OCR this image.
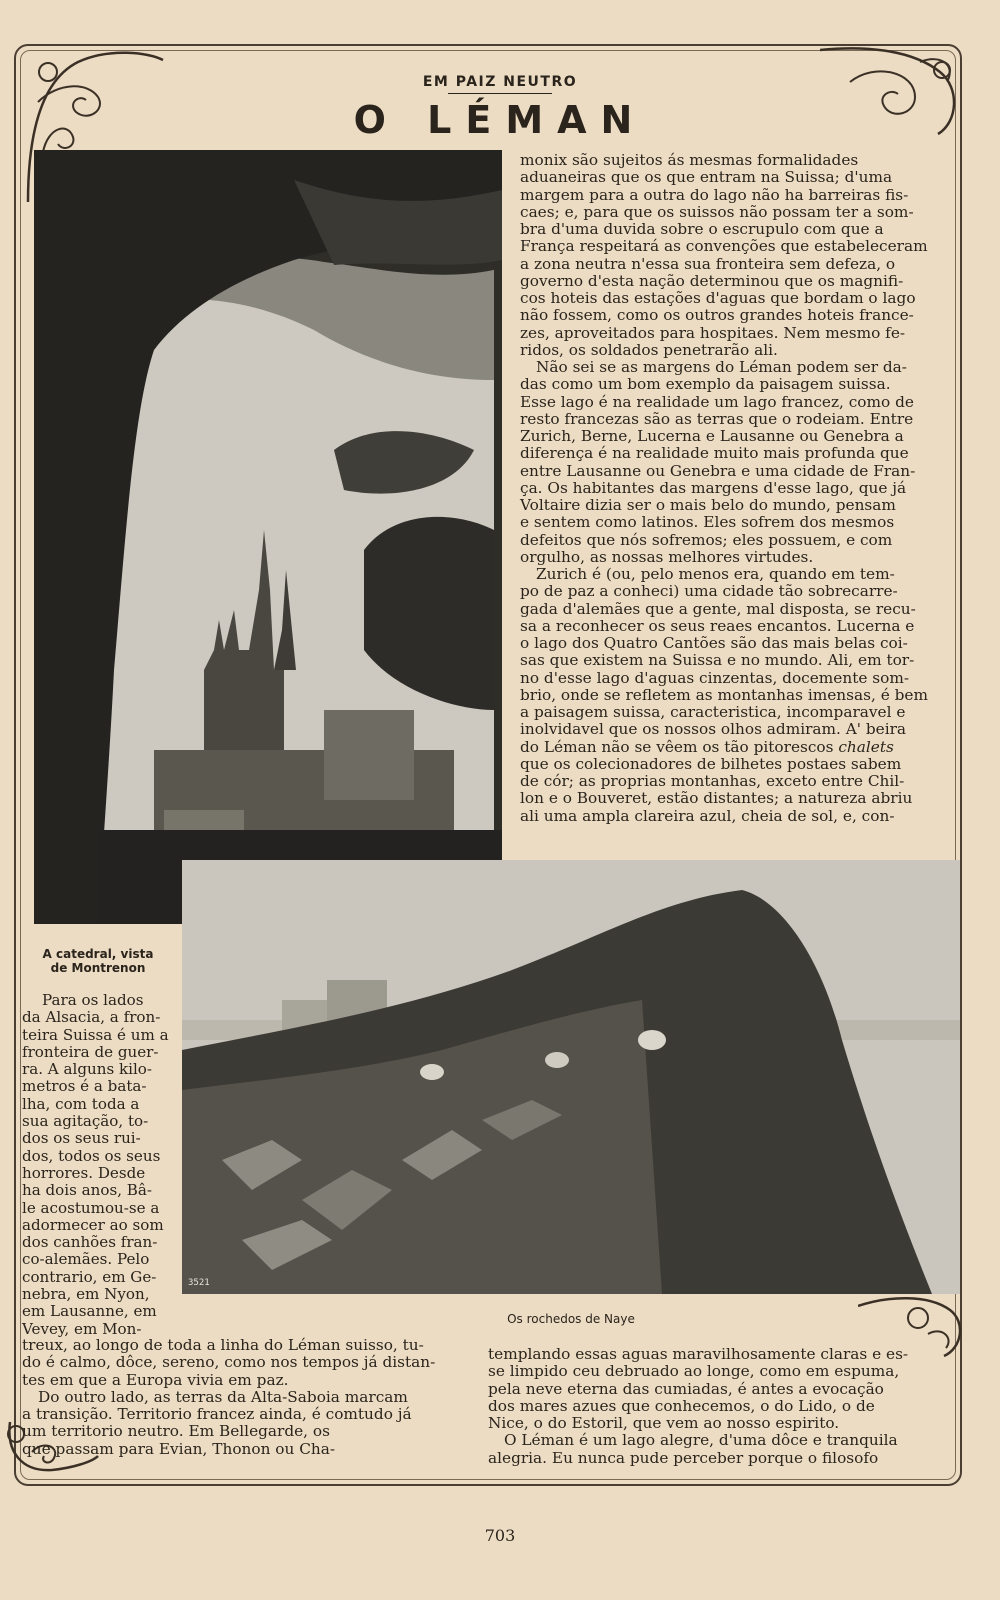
EM PAIZ NEUTRO
O LÉMAN
monix são sujeitos ás mesmas formalidades
aduaneiras que os que entram na Suissa; d'uma
margem para a outra do lago não ha barreiras fis-
caes; e, para que os suissos não possam ter a som-
bra d'uma duvida sobre o escrupulo com que a
França respeitará as convenções que estabeleceram
a zona neutra n'essa sua fronteira sem defeza, o
governo d'esta nação determinou que os magnifi-
cos hoteis das estações d'aguas que bordam o lago
não fossem, como os outros grandes hoteis france-
zes, aproveitados para hospitaes. Nem mesmo fe-
ridos, os soldados penetrarão ali.

Não sei se as margens do Léman podem ser da-
das como um bom exemplo da paisagem suissa.
Esse lago é na realidade um lago francez, como de
resto francezas são as terras que o rodeiam. Entre
Zurich, Berne, Lucerna e Lausanne ou Genebra a
diferença é na realidade muito mais profunda que
entre Lausanne ou Genebra e uma cidade de Fran-
ça. Os habitantes das margens d'esse lago, que já
Voltaire dizia ser o mais belo do mundo, pensam
e sentem como latinos. Eles sofrem dos mesmos
defeitos que nós sofremos; eles possuem, e com
orgulho, as nossas melhores virtudes.

Zurich é (ou, pelo menos era, quando em tem-
po de paz a conheci) uma cidade tão sobrecarre-
gada d'alemães que a gente, mal disposta, se recu-
sa a reconhecer os seus reaes encantos. Lucerna e
o lago dos Quatro Cantões são das mais belas coi-
sas que existem na Suissa e no mundo. Ali, em tor-
no d'esse lago d'aguas cinzentas, docemente som-
brio, onde se refletem as montanhas imensas, é bem
a paisagem suissa, caracteristica, incomparavel e
inolvidavel que os nossos olhos admiram. A' beira
do Léman não se vêem os tão pitorescos chalets
que os colecionadores de bilhetes postaes sabem
de cór; as proprias montanhas, exceto entre Chil-
lon e o Bouveret, estão distantes; a natureza abriu
ali uma ampla clareira azul, cheia de sol, e, con-

3521
A catedral, vista
de Montrenon
Os rochedos de Naye

Para os lados
da Alsacia, a fron-
teira Suissa é um a
fronteira de guer-
ra. A alguns kilo-
metros é a bata-
lha, com toda a
sua agitação, to-
dos os seus rui-
dos, todos os seus
horrores. Desde
ha dois anos, Bâ-
le acostumou-se a
adormecer ao som
dos canhões fran-
co-alemães. Pelo
contrario, em Ge-
nebra, em Nyon,
em Lausanne, em
Vevey, em Mon-

treux, ao longo de toda a linha do Léman suisso, tu-
do é calmo, dôce, sereno, como nos tempos já distan-
tes em que a Europa vivia em paz.

Do outro lado, as terras da Alta-Saboia marcam
a transição. Territorio francez ainda, é comtudo já
um territorio neutro. Em Bellegarde, os
que passam para Evian, Thonon ou Cha-

templando essas aguas maravilhosamente claras e es-
se limpido ceu debruado ao longe, como em espuma,
pela neve eterna das cumiadas, é antes a evocação
dos mares azues que conhecemos, o do Lido, o de
Nice, o do Estoril, que vem ao nosso espirito.

O Léman é um lago alegre, d'uma dôce e tranquila
alegria. Eu nunca pude perceber porque o filosofo

703
